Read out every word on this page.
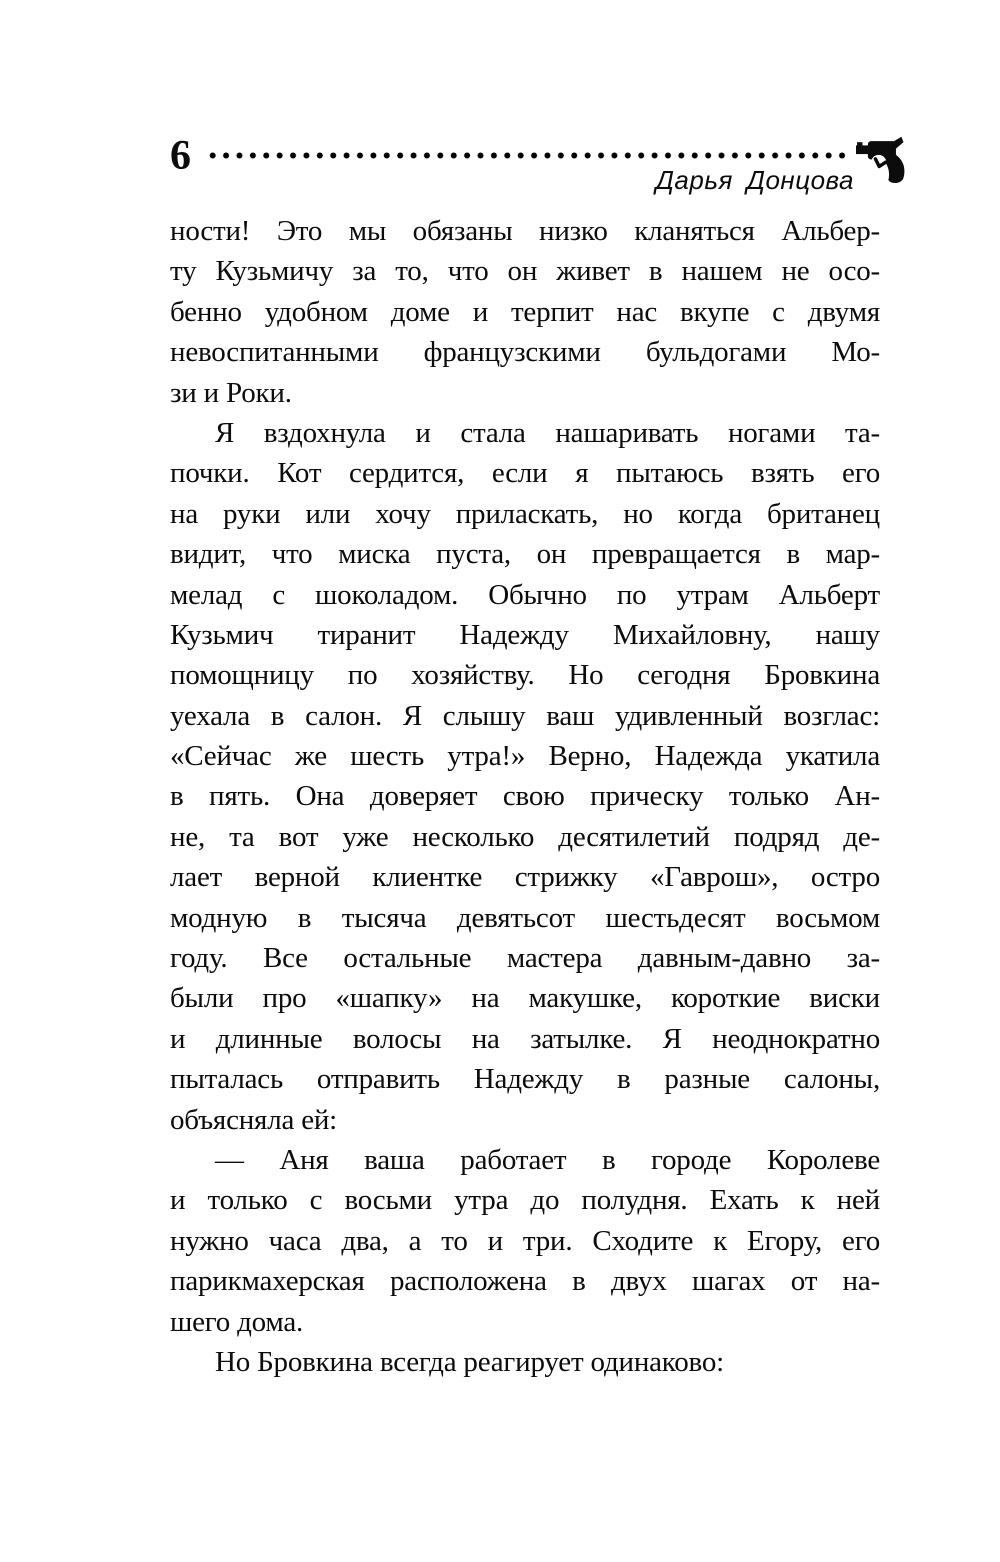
6
Дарья Донцова
ности! Это мы обязаны низко кланяться Альбер-
ту Кузьмичу за то, что он живет в нашем не осо-
бенно удобном доме и терпит нас вкупе с двумя
невоспитанными французскими бульдогами Мо-
зи и Роки.
Я вздохнула и стала нашаривать ногами та-
почки. Кот сердится, если я пытаюсь взять его
на руки или хочу приласкать, но когда британец
видит, что миска пуста, он превращается в мар-
мелад с шоколадом. Обычно по утрам Альберт
Кузьмич тиранит Надежду Михайловну, нашу
помощницу по хозяйству. Но сегодня Бровкина
уехала в салон. Я слышу ваш удивленный возглас:
«Сейчас же шесть утра!» Верно, Надежда укатила
в пять. Она доверяет свою прическу только Ан-
не, та вот уже несколько десятилетий подряд де-
лает верной клиентке стрижку «Гаврош», остро
модную в тысяча девятьсот шестьдесят восьмом
году. Все остальные мастера давным-давно за-
были про «шапку» на макушке, короткие виски
и длинные волосы на затылке. Я неоднократно
пыталась отправить Надежду в разные салоны,
объясняла ей:
— Аня ваша работает в городе Королеве
и только с восьми утра до полудня. Ехать к ней
нужно часа два, а то и три. Сходите к Егору, его
парикмахерская расположена в двух шагах от на-
шего дома.
Но Бровкина всегда реагирует одинаково:
